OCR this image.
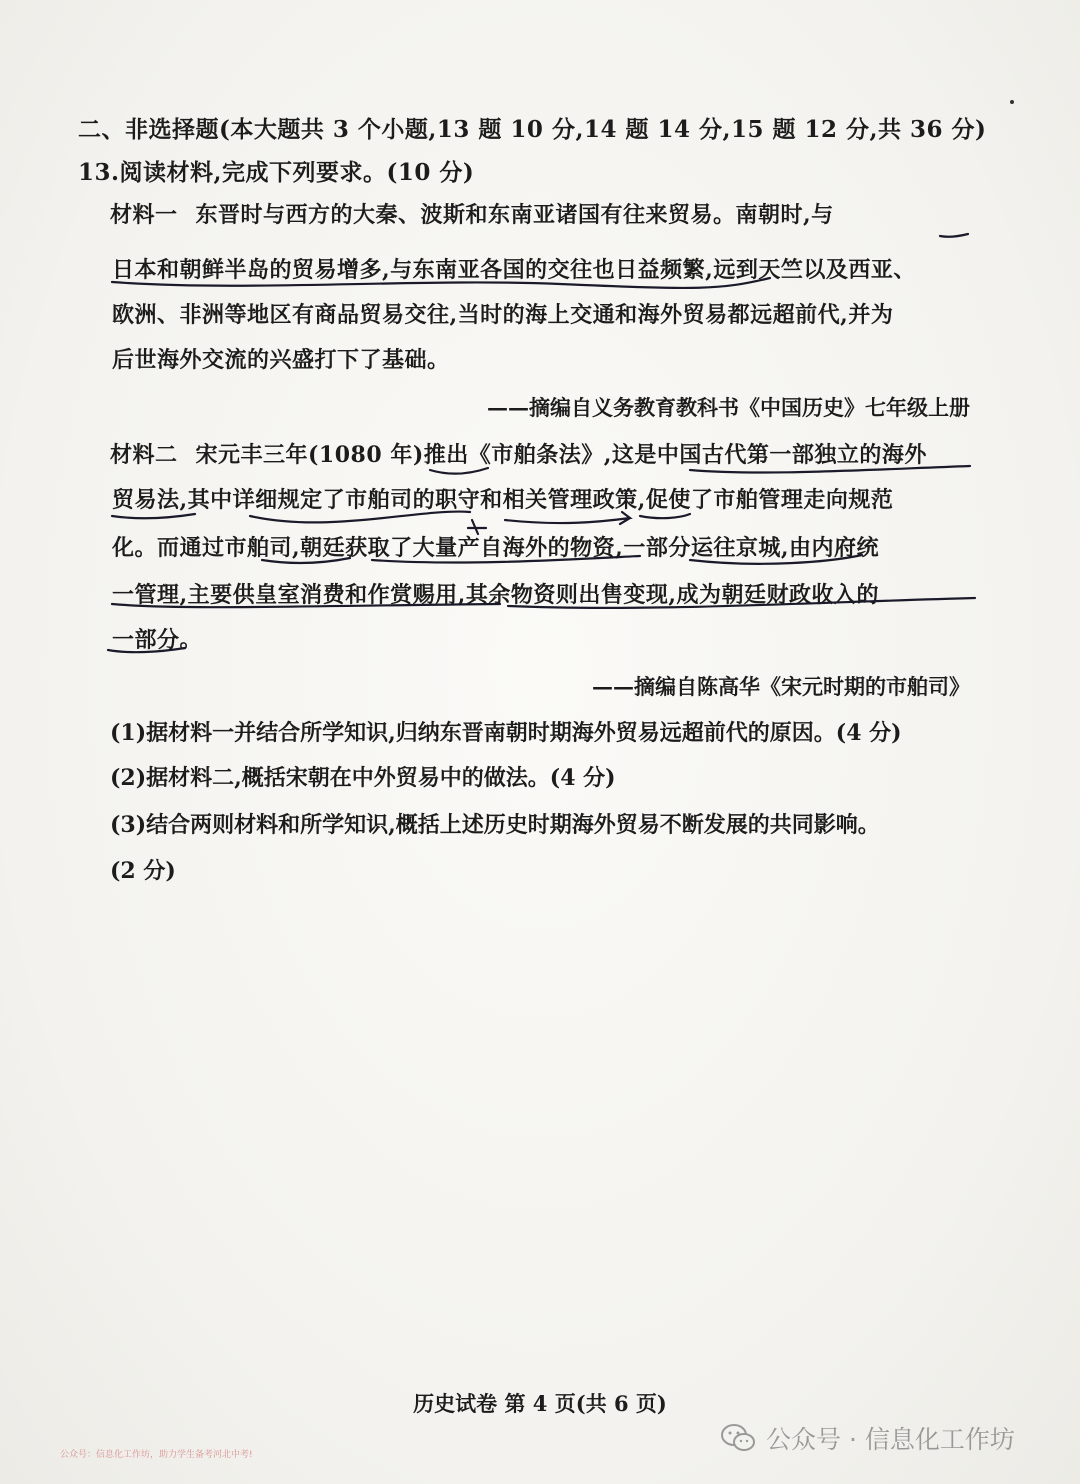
二、非选择题(本大题共 3 个小题,13 题 10 分,14 题 14 分,15 题 12 分,共 36 分)
13.阅读材料,完成下列要求。(10 分)
材料一 东晋时与西方的大秦、波斯和东南亚诸国有往来贸易。南朝时,与
日本和朝鲜半岛的贸易增多,与东南亚各国的交往也日益频繁,远到天竺以及西亚、
欧洲、非洲等地区有商品贸易交往,当时的海上交通和海外贸易都远超前代,并为
后世海外交流的兴盛打下了基础。
——摘编自义务教育教科书《中国历史》七年级上册
材料二 宋元丰三年(1080 年)推出《市舶条法》,这是中国古代第一部独立的海外
贸易法,其中详细规定了市舶司的职守和相关管理政策,促使了市舶管理走向规范
化。而通过市舶司,朝廷获取了大量产自海外的物资,一部分运往京城,由内府统
一管理,主要供皇室消费和作赏赐用,其余物资则出售变现,成为朝廷财政收入的
一部分。
——摘编自陈高华《宋元时期的市舶司》
(1)据材料一并结合所学知识,归纳东晋南朝时期海外贸易远超前代的原因。(4 分)
(2)据材料二,概括宋朝在中外贸易中的做法。(4 分)
(3)结合两则材料和所学知识,概括上述历史时期海外贸易不断发展的共同影响。
(2 分)
历史试卷 第 4 页(共 6 页)
公众号：信息化工作坊，助力学生备考河北中考!
公众号 · 信息化工作坊
